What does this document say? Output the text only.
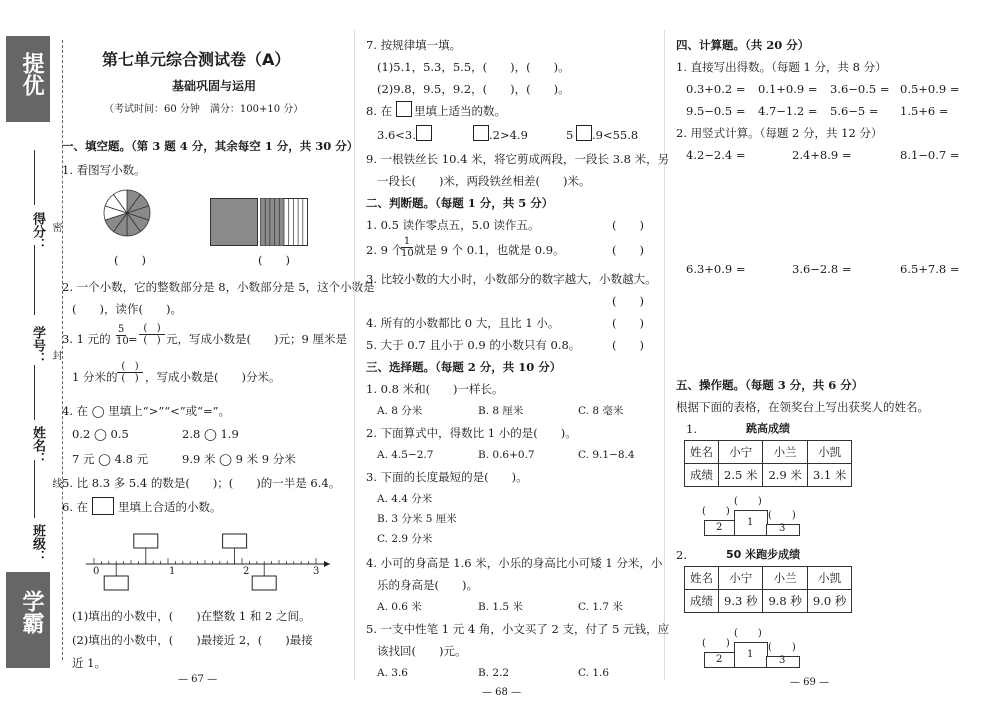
提优
得分：
学号：
姓名：
班级：
密
封
线
学霸
第七单元综合测试卷（A）
基础巩固与运用
（考试时间：60 分钟　满分：100+10 分）
一、填空题。（第 3 题 4 分，其余每空 1 分，共 30 分）
1. 看图写小数。
(　　)	(　　)
2. 一个小数，它的整数部分是 8，小数部分是 5，这个小数是
(　　)，读作(　　)。
3. 1 元的
5
10 =
(   )
(   ) 元，写成小数是(　　)元；9 厘米是
1 分米的
(   )
(   ) ，写成小数是(　　)分米。
4. 在 ◯ 里填上“>”“<”或“=”。
0.2 ◯ 0.5	2.8 ◯ 1.9
7 元 ◯ 4.8 元	9.9 米 ◯ 9 米 9 分米
5. 比 8.3 多 5.4 的数是(　　)；(　　)的一半是 6.4。
6. 在	里填上合适的小数。
0	1	2	3
(1)填出的小数中，(　　)在整数 1 和 2 之间。
(2)填出的小数中，(　　)最接近 2，(　　)最接
近 1。
— 67 —
7. 按规律填一填。
(1)5.1，5.3，5.5，(　　)，(　　)。
(2)9.8，9.5，9.2，(　　)，(　　)。
8. 在 里填上适当的数。
3.6<3.	.2>4.9	5 .9<55.8
9. 一根铁丝长 10.4 米，将它剪成两段，一段长 3.8 米，另
一段长(　　)米，两段铁丝相差(　　)米。
二、判断题。（每题 1 分，共 5 分）
1. 0.5 读作零点五，5.0 读作五。	(　　)
2. 9 个
1
10 就是 9 个 0.1，也就是 0.9。	(　　)
3. 比较小数的大小时，小数部分的数字越大，小数越大。
(　　)
4. 所有的小数都比 0 大，且比 1 小。	(　　)
5. 大于 0.7 且小于 0.9 的小数只有 0.8。	(　　)
三、选择题。（每题 2 分，共 10 分）
1. 0.8 米和(　　)一样长。
A. 8 分米	B. 8 厘米	C. 8 毫米
2. 下面算式中，得数比 1 小的是(　　)。
A. 4.5−2.7	B. 0.6+0.7	C. 9.1−8.4
3. 下面的长度最短的是(　　)。
A. 4.4 分米
B. 3 分米 5 厘米
C. 2.9 分米
4. 小可的身高是 1.6 米，小乐的身高比小可矮 1 分米，小
乐的身高是(　　)。
A. 0.6 米	B. 1.5 米	C. 1.7 米
5. 一支中性笔 1 元 4 角，小文买了 2 支，付了 5 元钱，应
该找回(　　)元。
A. 3.6	B. 2.2	C. 1.6
— 68 —
四、计算题。（共 20 分）
1. 直接写出得数。（每题 1 分，共 8 分）
0.3+0.2 = 0.1+0.9 = 3.6−0.5 = 0.5+0.9 =
9.5−0.5 = 4.7−1.2 = 5.6−5 = 1.5+6 =
2. 用竖式计算。（每题 2 分，共 12 分）
4.2−2.4 =	2.4+8.9 =	8.1−0.7 =
6.3+0.9 =	3.6−2.8 =	6.5+7.8 =
五、操作题。（每题 3 分，共 6 分）
根据下面的表格，在领奖台上写出获奖人的姓名。
1.	跳高成绩
姓名	小宁	小兰	小凯
成绩	2.5 米	2.9 米	3.1 米
2 1
3
(　　)
(　　)	(　　)
2.	50 米跑步成绩
姓名	小宁	小兰	小凯
成绩	9.3 秒	9.8 秒	9.0 秒
2 1
3
(　　)
(　　)	(　　)
— 69 —
